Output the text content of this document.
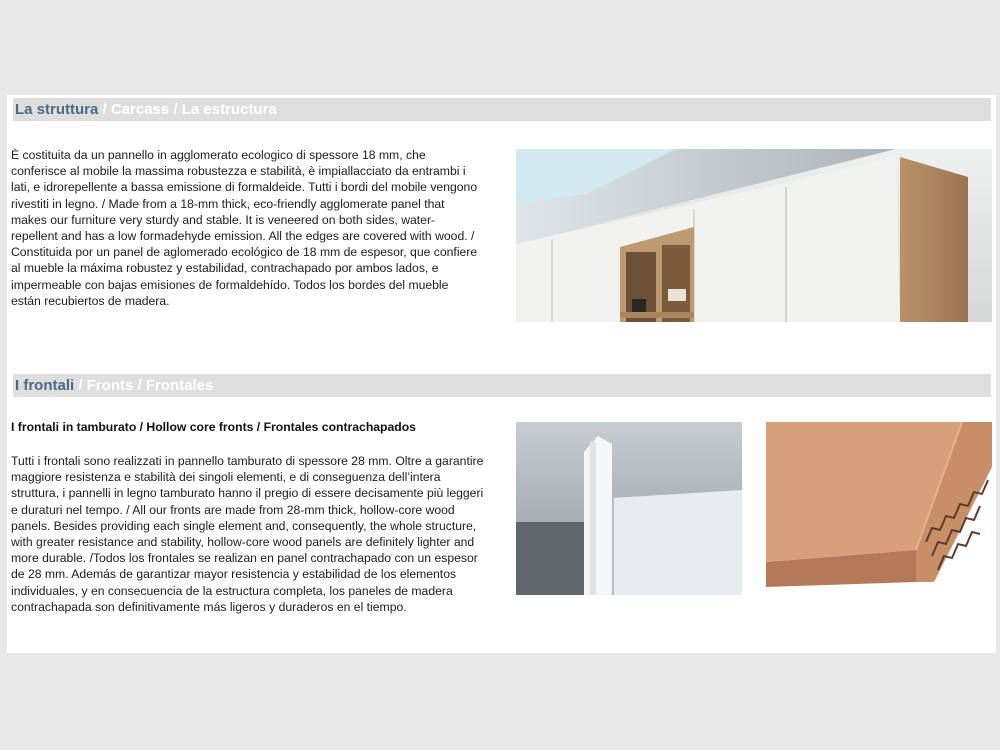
La struttura / Carcass / La estructura

È costituita da un pannello in agglomerato ecologico di spessore 18 mm, che conferisce al mobile la massima robustezza e stabilità, è impiallacciato da entrambi i lati, e idrorepellente a bassa emissione di formaldeide. Tutti i bordi del mobile vengono rivestiti in legno. / Made from a 18-mm thick, eco-friendly agglomerate panel that makes our furniture very sturdy and stable. It is veneered on both sides, water-repellent and has a low formadehyde emission. All the edges are covered with wood. / Constituida por un panel de aglomerado ecológico de 18 mm de espesor, que confiere al mueble la máxima robustez y estabilidad, contrachapado por ambos lados, e impermeable con bajas emisiones de formaldehído. Todos los bordes del mueble están recubiertos de madera.

I frontali / Fronts / Frontales
I frontali in tamburato / Hollow core fronts / Frontales contrachapados

Tutti i frontali sono realizzati in pannello tamburato di spessore 28 mm. Oltre a garantire maggiore resistenza e stabilità dei singoli elementi, e di conseguenza dell’intera struttura, i pannelli in legno tamburato hanno il pregio di essere decisamente più leggeri e duraturi nel tempo. / All our fronts are made from 28-mm thick, hollow-core wood panels. Besides providing each single element and, consequently, the whole structure, with greater resistance and stability, hollow-core wood panels are definitely lighter and more durable. /Todos los frontales se realizan en panel contrachapado con un espesor de 28 mm. Además de garantizar mayor resistencia y estabilidad de los elementos individuales, y en consecuencia de la estructura completa, los paneles de madera contrachapada son definitivamente más ligeros y duraderos en el tiempo.
